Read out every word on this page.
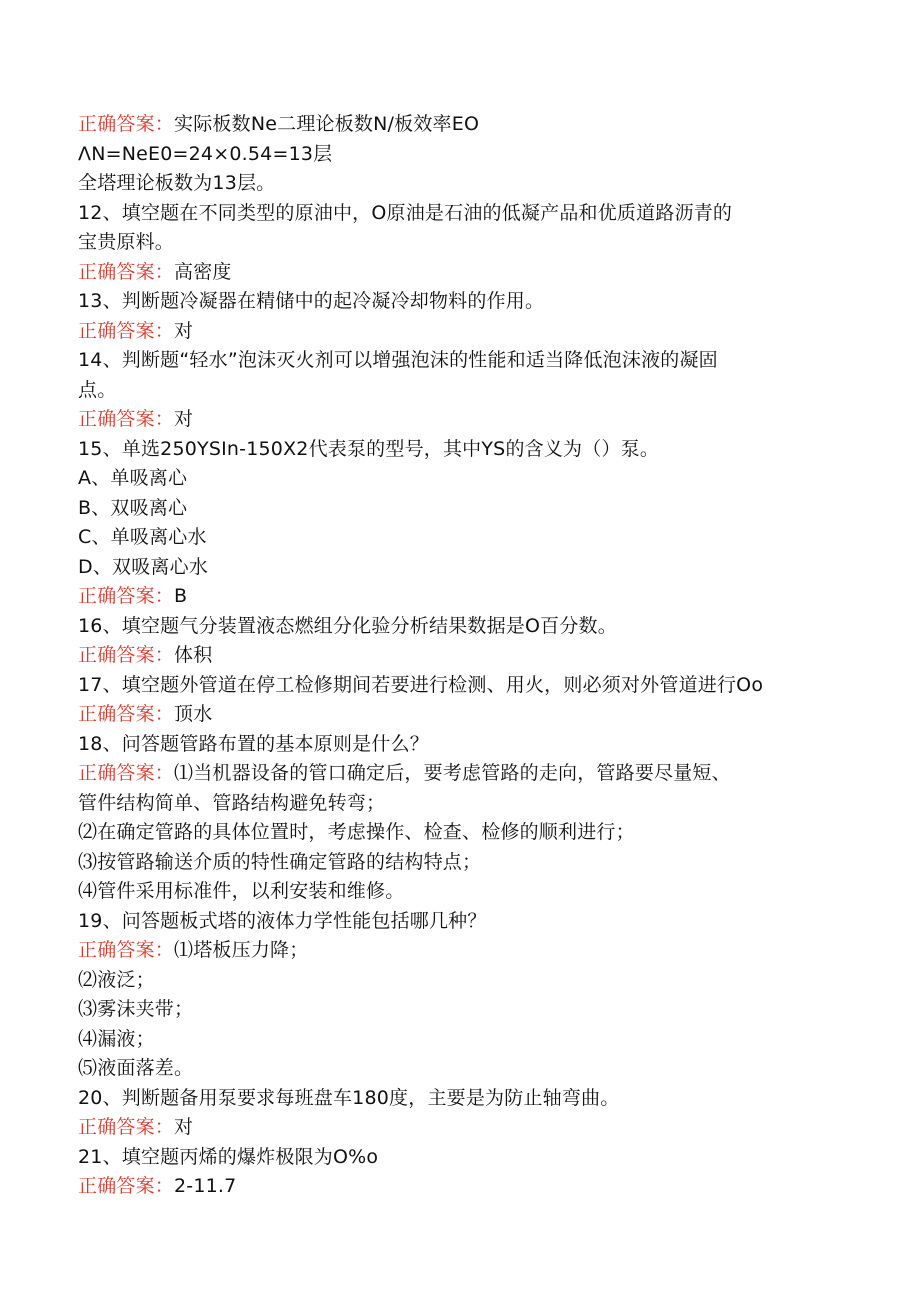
正确答案：实际板数Ne二理论板数N/板效率EO
ΛN=NeE0=24×0.54=13层
全塔理论板数为13层。
12、填空题在不同类型的原油中，O原油是石油的低凝产品和优质道路沥青的
宝贵原料。
正确答案：高密度
13、判断题冷凝器在精储中的起冷凝冷却物料的作用。
正确答案：对
14、判断题“轻水”泡沫灭火剂可以增强泡沫的性能和适当降低泡沫液的凝固
点。
正确答案：对
15、单选250YSIn-150X2代表泵的型号，其中YS的含义为（）泵。
A、单吸离心
B、双吸离心
C、单吸离心水
D、双吸离心水
正确答案：B
16、填空题气分装置液态燃组分化验分析结果数据是O百分数。
正确答案：体积
17、填空题外管道在停工检修期间若要进行检测、用火，则必须对外管道进行Oo
正确答案：顶水
18、问答题管路布置的基本原则是什么？
正确答案：⑴当机器设备的管口确定后，要考虑管路的走向，管路要尽量短、
管件结构简单、管路结构避免转弯；
⑵在确定管路的具体位置时，考虑操作、检查、检修的顺利进行；
⑶按管路输送介质的特性确定管路的结构特点；
⑷管件采用标准件，以利安装和维修。
19、问答题板式塔的液体力学性能包括哪几种？
正确答案：⑴塔板压力降；
⑵液泛；
⑶雾沫夹带；
⑷漏液；
⑸液面落差。
20、判断题备用泵要求每班盘车180度，主要是为防止轴弯曲。
正确答案：对
21、填空题丙烯的爆炸极限为O%o
正确答案：2-11.7
